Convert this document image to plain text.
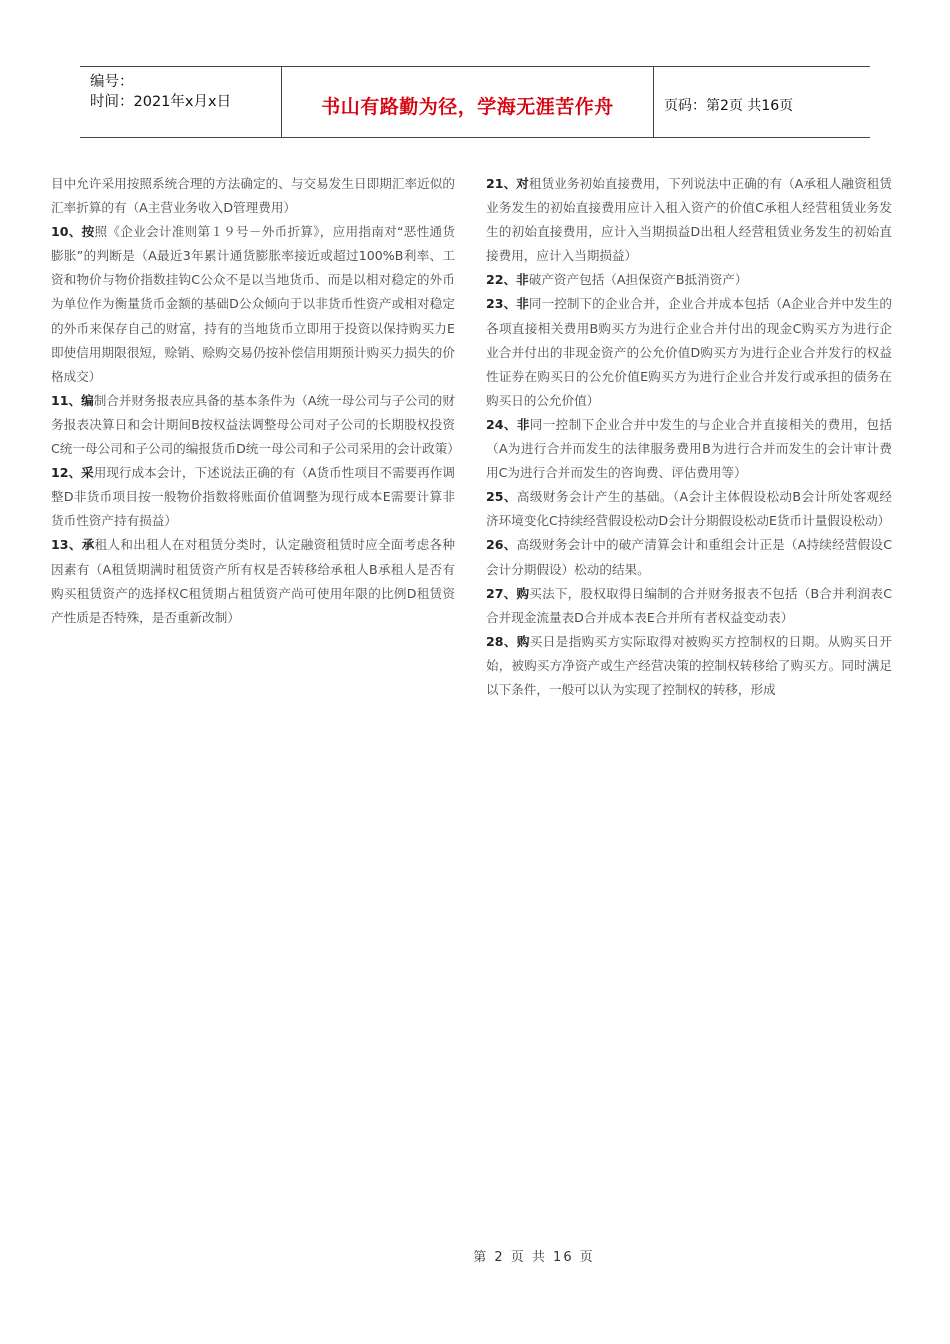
编号：
时间：2021年x月x日	书山有路勤为径，学海无涯苦作舟	页码：第2页 共16页

目中允许采用按照系统合理的方法确定的、与交易发生日即期汇率近似的汇率折算的有（A主营业务收入D管理费用）

10、按照《企业会计准则第１９号－外币折算》，应用指南对“恶性通货膨胀”的判断是（A最近3年累计通货膨胀率接近或超过100%B利率、工资和物价与物价指数挂钩C公众不是以当地货币、而是以相对稳定的外币为单位作为衡量货币金额的基础D公众倾向于以非货币性资产或相对稳定的外币来保存自己的财富，持有的当地货币立即用于投资以保持购买力E即使信用期限很短，赊销、赊购交易仍按补偿信用期预计购买力损失的价格成交）

11、编制合并财务报表应具备的基本条件为（A统一母公司与子公司的财务报表决算日和会计期间B按权益法调整母公司对子公司的长期股权投资C统一母公司和子公司的编报货币D统一母公司和子公司采用的会计政策）

12、采用现行成本会计，下述说法正确的有（A货币性项目不需要再作调整D非货币项目按一般物价指数将账面价值调整为现行成本E需要计算非货币性资产持有损益）

13、承租人和出租人在对租赁分类时，认定融资租赁时应全面考虑各种因素有（A租赁期满时租赁资产所有权是否转移给承租人B承租人是否有购买租赁资产的选择权C租赁期占租赁资产尚可使用年限的比例D租赁资产性质是否特殊，是否重新改制）

21、对租赁业务初始直接费用，下列说法中正确的有（A承租人融资租赁业务发生的初始直接费用应计入租入资产的价值C承租人经营租赁业务发生的初始直接费用，应计入当期损益D出租人经营租赁业务发生的初始直接费用，应计入当期损益）

22、非破产资产包括（A担保资产B抵消资产）

23、非同一控制下的企业合并，企业合并成本包括（A企业合并中发生的各项直接相关费用B购买方为进行企业合并付出的现金C购买方为进行企业合并付出的非现金资产的公允价值D购买方为进行企业合并发行的权益性证券在购买日的公允价值E购买方为进行企业合并发行或承担的债务在购买日的公允价值）

24、非同一控制下企业合并中发生的与企业合并直接相关的费用，包括（A为进行合并而发生的法律服务费用B为进行合并而发生的会计审计费用C为进行合并而发生的咨询费、评估费用等）

25、高级财务会计产生的基础。（A会计主体假设松动B会计所处客观经济环境变化C持续经营假设松动D会计分期假设松动E货币计量假设松动）

26、高级财务会计中的破产清算会计和重组会计正是（A持续经营假设C会计分期假设）松动的结果。

27、购买法下，股权取得日编制的合并财务报表不包括（B合并利润表C合并现金流量表D合并成本表E合并所有者权益变动表）

28、购买日是指购买方实际取得对被购买方控制权的日期。从购买日开始，被购买方净资产或生产经营决策的控制权转移给了购买方。同时满足以下条件，一般可以认为实现了控制权的转移，形成

第 2 页 共 16 页
